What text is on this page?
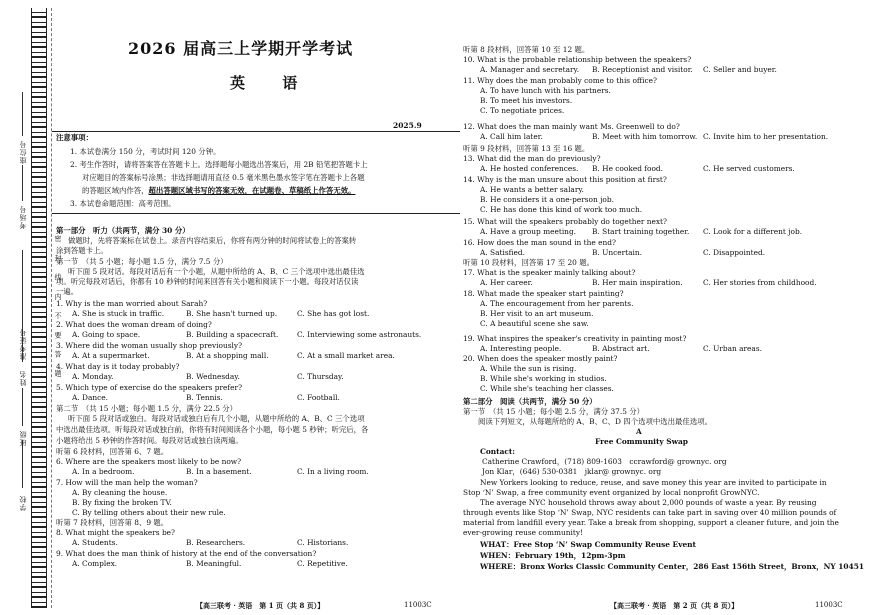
学校
班级
姓名
准考证号
考场号
座位号
密 封 线 内 不 要 答 题
2026 届高三上学期开学考试
英 语
2025.9
注意事项：
1. 本试卷满分 150 分，考试时间 120 分钟。
2. 考生作答时，请将答案答在答题卡上。选择题每小题选出答案后，用 2B 铅笔把答题卡上
对应题目的答案标号涂黑；非选择题请用直径 0.5 毫米黑色墨水签字笔在答题卡上各题
的答题区域内作答，超出答题区域书写的答案无效，在试题卷、草稿纸上作答无效。
3. 本试卷命题范围：高考范围。
第一部分　听力（共两节，满分 30 分）
做题时，先将答案标在试卷上。录音内容结束后，你将有两分钟的时间将试卷上的答案转
涂到答题卡上。
第一节　（共 5 小题；每小题 1.5 分，满分 7.5 分）
听下面 5 段对话。每段对话后有一个小题，从题中所给的 A、B、C 三个选项中选出最佳选
项。听完每段对话后，你都有 10 秒钟的时间来回答有关小题和阅读下一小题。每段对话仅读
一遍。
第二节　（共 15 小题；每小题 1.5 分，满分 22.5 分）
听下面 5 段对话或独白。每段对话或独白后有几个小题，从题中所给的 A、B、C 三个选项
中选出最佳选项。听每段对话或独白前，你将有时间阅读各个小题，每小题 5 秒钟；听完后，各
小题将给出 5 秒钟的作答时间。每段对话或独白读两遍。
听第 6 段材料，回答第 6、7 题。
听第 7 段材料，回答第 8、9 题。
听第 8 段材料，回答第 10 至 12 题。
听第 9 段材料，回答第 13 至 16 题。
听第 10 段材料，回答第 17 至 20 题。
第二部分　阅读（共两节，满分 50 分）
第一节　（共 15 小题；每小题 2.5 分，满分 37.5 分）
阅读下列短文，从每题所给的 A、B、C、D 四个选项中选出最佳选项。
A
Free Community Swap
Contact:
Catherine Crawford，(718) 809-1603　ccrawford@ grownyc. org
Jon Klar，(646) 530-0381　jklar@ grownyc. org
New Yorkers looking to reduce, reuse, and save money this year are invited to participate in
Stop ‘N’ Swap, a free community event organized by local nonprofit GrowNYC.
The average NYC household throws away about 2,000 pounds of waste a year. By reusing
through events like Stop ‘N’ Swap, NYC residents can take part in saving over 40 million pounds of
material from landfill every year. Take a break from shopping, support a cleaner future, and join the
ever-growing reuse community!
WHAT：Free Stop ‘N’ Swap Community Reuse Event
WHEN：February 19th，12pm-3pm
WHERE：Bronx Works Classic Community Center，286 East 156th Street，Bronx，NY 10451
【高三联考 · 英语　第 1 页（共 8 页）】	11003C	【高三联考 · 英语　第 2 页（共 8 页）】	11003C
1. Why is the man worried about Sarah?
A. She is stuck in traffic.	B. She hasn't turned up.	C. She has got lost.
2. What does the woman dream of doing?
A. Going to space.	B. Building a spacecraft.	C. Interviewing some astronauts.
3. Where did the woman usually shop previously?
A. At a supermarket.	B. At a shopping mall.	C. At a small market area.
4. What day is it today probably?
A. Monday.	B. Wednesday.	C. Thursday.
5. Which type of exercise do the speakers prefer?
A. Dance.	B. Tennis.	C. Football.
6. Where are the speakers most likely to be now?
A. In a bedroom.	B. In a basement.	C. In a living room.
7. How will the man help the woman?
A. By cleaning the house.
B. By fixing the broken TV.
C. By telling others about their new rule.
8. What might the speakers be?
A. Students.	B. Researchers.	C. Historians.
9. What does the man think of history at the end of the conversation?
A. Complex.	B. Meaningful.	C. Repetitive.
10. What is the probable relationship between the speakers?
A. Manager and secretary. B. Receptionist and visitor. C. Seller and buyer.
11. Why does the man probably come to this office?
A. To have lunch with his partners.
B. To meet his investors.
C. To negotiate prices.
12. What does the man mainly want Ms. Greenwell to do?
A. Call him later.	B. Meet with him tomorrow. C. Invite him to her presentation.
13. What did the man do previously?
A. He hosted conferences. B. He cooked food.	C. He served customers.
14. Why is the man unsure about this position at first?
A. He wants a better salary.
B. He considers it a one-person job.
C. He has done this kind of work too much.
15. What will the speakers probably do together next?
A. Have a group meeting. B. Start training together. C. Look for a different job.
16. How does the man sound in the end?
A. Satisfied.	B. Uncertain.	C. Disappointed.
17. What is the speaker mainly talking about?
A. Her career.	B. Her main inspiration.	C. Her stories from childhood.
18. What made the speaker start painting?
A. The encouragement from her parents.
B. Her visit to an art museum.
C. A beautiful scene she saw.
19. What inspires the speaker's creativity in painting most?
A. Interesting people.	B. Abstract art.	C. Urban areas.
20. When does the speaker mostly paint?
A. While the sun is rising.
B. While she's working in studios.
C. While she's teaching her classes.
